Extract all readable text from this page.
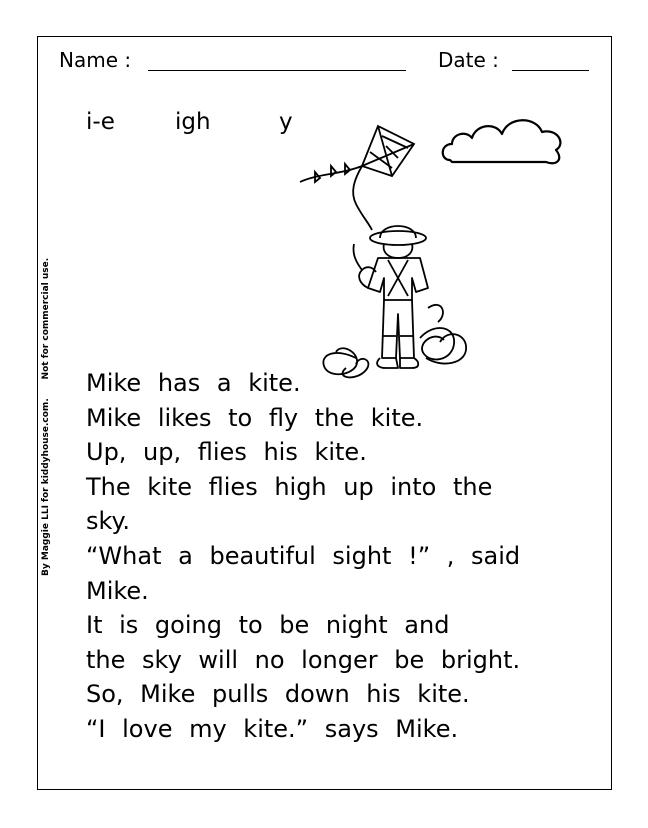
Name :	Date :
i-e	igh	y
By Maggie LLI for kiddyhouse.com.      Not for commercial use.
Mike has a kite.
Mike likes to fly the kite.
Up, up, flies his kite.
The kite flies high up into the
sky.
“What a beautiful sight !” , said
Mike.
It is going to be night and
the sky will no longer be bright.
So, Mike pulls down his kite.
“I love my kite.” says Mike.
